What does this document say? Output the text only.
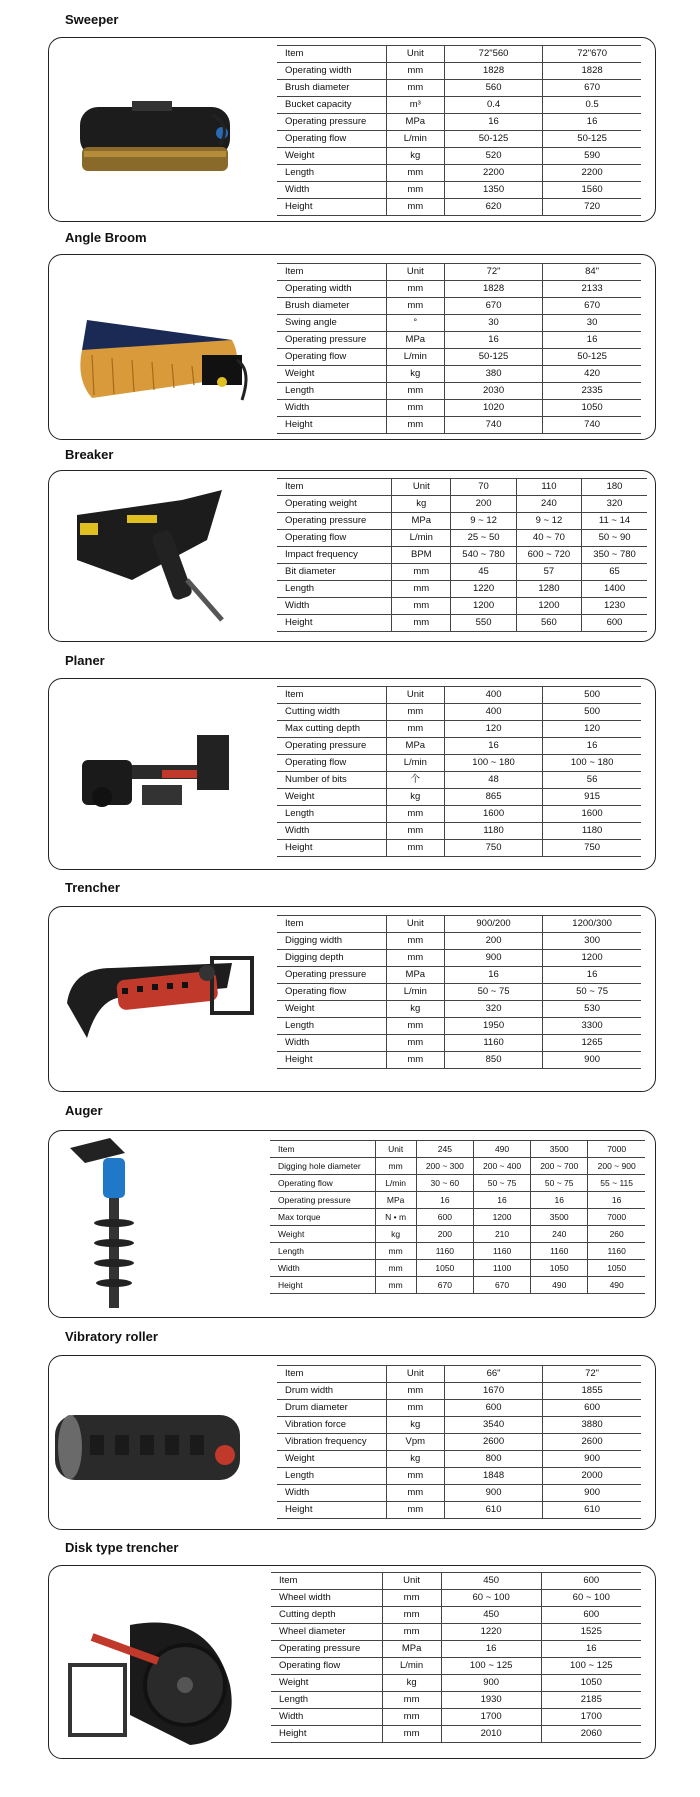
Sweeper
Item	Unit	72"560	72"670
Operating width	mm	1828	1828
Brush diameter	mm	560	670
Bucket capacity	m³	0.4	0.5
Operating pressure	MPa	16	16
Operating flow	L/min	50-125	50-125
Weight	kg	520	590
Length	mm	2200	2200
Width	mm	1350	1560
Height	mm	620	720
Angle Broom
Item	Unit	72"	84"
Operating width	mm	1828	2133
Brush diameter	mm	670	670
Swing angle	°	30	30
Operating pressure	MPa	16	16
Operating flow	L/min	50-125	50-125
Weight	kg	380	420
Length	mm	2030	2335
Width	mm	1020	1050
Height	mm	740	740
Breaker
Item	Unit	70	110	180
Operating weight	kg	200	240	320
Operating pressure	MPa	9 ~ 12	9 ~ 12	11 ~ 14
Operating flow	L/min	25 ~ 50	40 ~ 70	50 ~ 90
Impact frequency	BPM	540 ~ 780	600 ~ 720	350 ~ 780
Bit diameter	mm	45	57	65
Length	mm	1220	1280	1400
Width	mm	1200	1200	1230
Height	mm	550	560	600
Planer
Item	Unit	400	500
Cutting width	mm	400	500
Max cutting depth	mm	120	120
Operating pressure	MPa	16	16
Operating flow	L/min	100 ~ 180	100 ~ 180
Number of bits	个	48	56
Weight	kg	865	915
Length	mm	1600	1600
Width	mm	1180	1180
Height	mm	750	750
Trencher
Item	Unit	900/200	1200/300
Digging width	mm	200	300
Digging depth	mm	900	1200
Operating pressure	MPa	16	16
Operating flow	L/min	50 ~ 75	50 ~ 75
Weight	kg	320	530
Length	mm	1950	3300
Width	mm	1160	1265
Height	mm	850	900
Auger
Item	Unit	245	490	3500	7000
Digging hole diameter	mm	200 ~ 300	200 ~ 400	200 ~ 700	200 ~ 900
Operating flow	L/min	30 ~ 60	50 ~ 75	50 ~ 75	55 ~ 115
Operating pressure	MPa	16	16	16	16
Max torque	N • m	600	1200	3500	7000
Weight	kg	200	210	240	260
Length	mm	1160	1160	1160	1160
Width	mm	1050	1100	1050	1050
Height	mm	670	670	490	490
Vibratory roller
Item	Unit	66"	72"
Drum width	mm	1670	1855
Drum diameter	mm	600	600
Vibration force	kg	3540	3880
Vibration frequency	Vpm	2600	2600
Weight	kg	800	900
Length	mm	1848	2000
Width	mm	900	900
Height	mm	610	610
Disk type trencher
Item	Unit	450	600
Wheel width	mm	60 ~ 100	60 ~ 100
Cutting depth	mm	450	600
Wheel diameter	mm	1220	1525
Operating pressure	MPa	16	16
Operating flow	L/min	100 ~ 125	100 ~ 125
Weight	kg	900	1050
Length	mm	1930	2185
Width	mm	1700	1700
Height	mm	2010	2060
